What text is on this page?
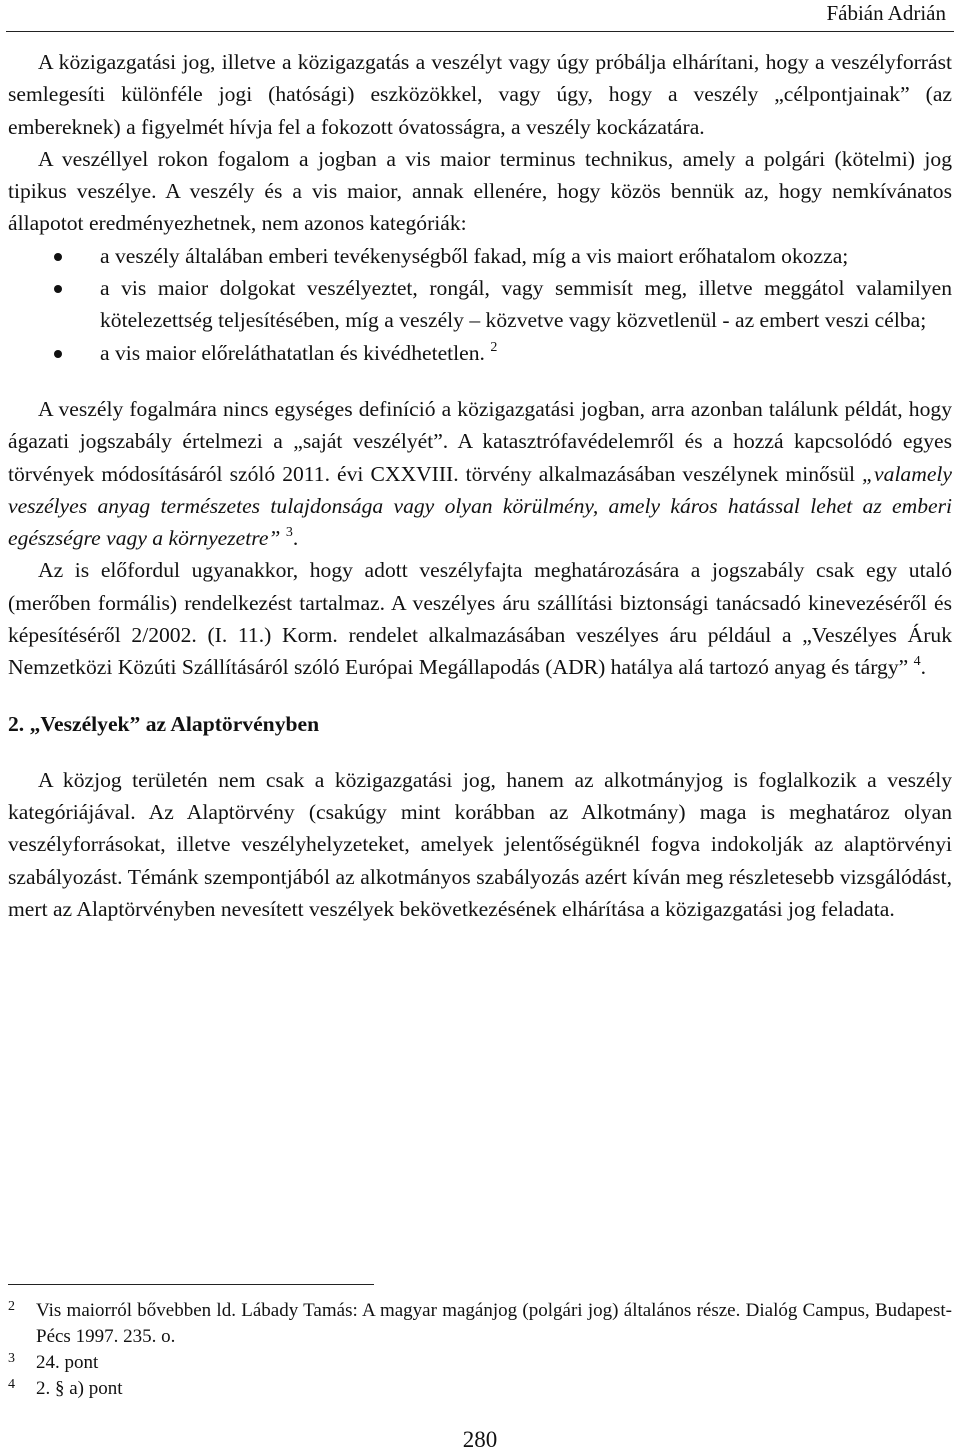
Fábián Adrián

A közigazgatási jog, illetve a közigazgatás a veszélyt vagy úgy próbálja elhárítani, hogy a veszélyforrást semlegesíti különféle jogi (hatósági) eszközökkel, vagy úgy, hogy a veszély „célpontjainak” (az embereknek) a figyelmét hívja fel a fokozott óvatosságra, a veszély kockázatára.

A veszéllyel rokon fogalom a jogban a vis maior terminus technikus, amely a polgári (kötelmi) jog tipikus veszélye. A veszély és a vis maior, annak ellenére, hogy közös bennük az, hogy nemkívánatos állapotot eredményezhetnek, nem azonos kategóriák:

a veszély általában emberi tevékenységből fakad, míg a vis maiort erőhatalom okozza;
a vis maior dolgokat veszélyeztet, rongál, vagy semmisít meg, illetve meggátol valamilyen kötelezettség teljesítésében, míg a veszély – közvetve vagy közvetlenül - az embert veszi célba;
a vis maior előreláthatatlan és kivédhetetlen. $^2$

A veszély fogalmára nincs egységes definíció a közigazgatási jogban, arra azonban találunk példát, hogy ágazati jogszabály értelmezi a „saját veszélyét”. A katasztrófavédelemről és a hozzá kapcsolódó egyes törvények módosításáról szóló 2011. évi CXXVIII. törvény alkalmazásában veszélynek minősül „valamely veszélyes anyag természetes tulajdonsága vagy olyan körülmény, amely káros hatással lehet az emberi egészségre vagy a környezetre” $^3$.

Az is előfordul ugyanakkor, hogy adott veszélyfajta meghatározására a jogszabály csak egy utaló (merőben formális) rendelkezést tartalmaz. A veszélyes áru szállítási biztonsági tanácsadó kinevezéséről és képesítéséről 2/2002. (I. 11.) Korm. rendelet alkalmazásában veszélyes áru például a „Veszélyes Áruk Nemzetközi Közúti Szállításáról szóló Európai Megállapodás (ADR) hatálya alá tartozó anyag és tárgy” $^4$.

2. „Veszélyek” az Alaptörvényben

A közjog területén nem csak a közigazgatási jog, hanem az alkotmányjog is foglalkozik a veszély kategóriájával. Az Alaptörvény (csakúgy mint korábban az Alkotmány) maga is meghatároz olyan veszélyforrásokat, illetve veszélyhelyzeteket, amelyek jelentőségüknél fogva indokolják az alaptörvényi szabályozást. Témánk szempontjából az alkotmányos szabályozás azért kíván meg részletesebb vizsgálódást, mert az Alaptörvényben nevesített veszélyek bekövetkezésének elhárítása a közigazgatási jog feladata.

2	Vis maiorról bővebben ld. Lábady Tamás: A magyar magánjog (polgári jog) általános része. Dialóg Campus, Budapest-Pécs 1997. 235. o.
3	24. pont
4	2. § a) pont
280
